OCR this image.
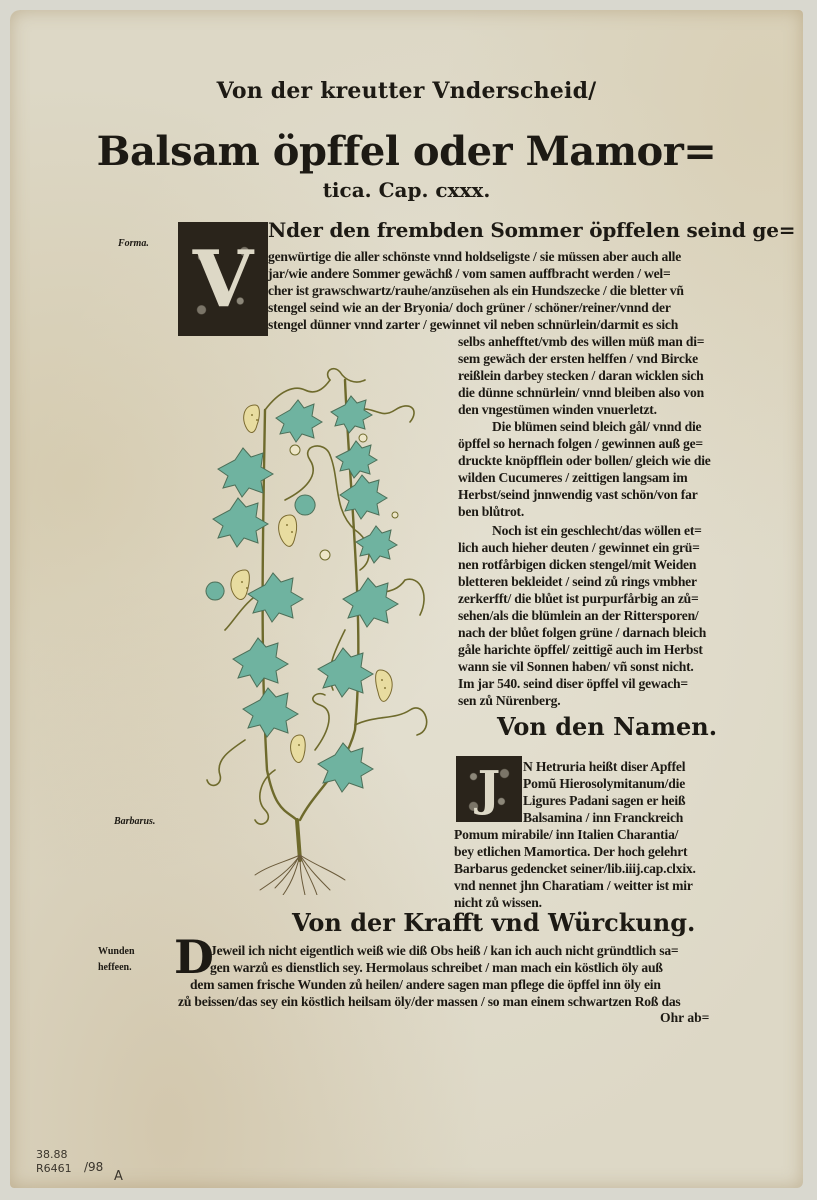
Von der kreutter Vnderscheid/
Balsam öpffel oder Mamor=
tica. Cap. cxxx.
Forma. V
Nder den frembden Sommer öpffelen seind ge=
genwürtige die aller schönste vnnd holdseligste / sie müssen aber auch alle
jar/wie andere Sommer gewächß / vom samen auffbracht werden / wel=
cher ist grawschwartz/rauhe/anzüsehen als ein Hundszecke / die bletter vñ
stengel seind wie an der Bryonia/ doch grüner / schöner/reiner/vnnd der
stengel dünner vnnd zarter / gewinnet vil neben schnürlein/darmit es sich
selbs anhefftet/vmb des willen müß man di=
sem gewäch der ersten helffen / vnd Bircke
reißlein darbey stecken / daran wicklen sich
die dünne schnürlein/ vnnd bleiben also von
den vngestümen winden vnuerletzt.
Die blümen seind bleich gål/ vnnd die
öpffel so hernach folgen / gewinnen auß ge=
druckte knöpfflein oder bollen/ gleich wie die
wilden Cucumeres / zeittigen langsam im
Herbst/seind jnnwendig vast schön/von far
ben blůtrot.
Noch ist ein geschlecht/das wöllen et=
lich auch hieher deuten / gewinnet ein grü=
nen rotfårbigen dicken stengel/mit Weiden
bletteren bekleidet / seind zů rings vmbher
zerkerfft/ die blůet ist purpurfårbig an zů=
sehen/als die blümlein an der Rittersporen/
nach der blůet folgen grüne / darnach bleich
gåle harichte öpffel/ zeittigẽ auch im Herbst
wann sie vil Sonnen haben/ vñ sonst nicht.
Im jar 540. seind diser öpffel vil gewach=
sen zů Nürenberg.
Von den Namen.
Barbarus.
J	N Hetruria heißt diser Apffel
Pomũ Hierosolymitanum/die
Ligures Padani sagen er heiß
Balsamina / inn Franckreich
Pomum mirabile/ inn Italien Charantia/
bey etlichen Mamortica. Der hoch gelehrt
Barbarus gedencket seiner/lib.iiij.cap.clxix.
vnd nennet jhn Charatiam / weitter ist mir
nicht zů wissen.
Von der Krafft vnd Würckung.
Wunden
heffeen. D
Jeweil ich nicht eigentlich weiß wie diß Obs heiß / kan ich auch nicht gründtlich sa=
gen warzů es dienstlich sey. Hermolaus schreibet / man mach ein köstlich öly auß
dem samen frische Wunden zů heilen/ andere sagen man pflege die öpffel inn öly ein
zů beissen/das sey ein köstlich heilsam öly/der massen / so man einem schwartzen Roß das
Ohr ab=
38.88
R6461 /98
A
